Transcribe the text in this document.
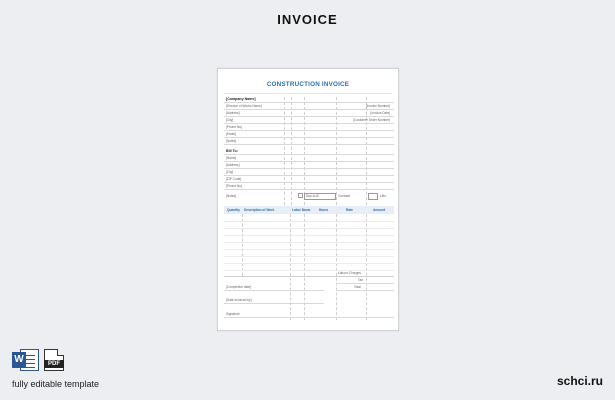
INVOICE
CONSTRUCTION INVOICE
[Company Name]
[Director of Works Name]
[Address]
[City]
[Phone No]
[Email]
[Notes]
[Invoice Number]
[Invoice Date]
[Customer Order Number]
Bill To:
[Name]
[Address]
[City]
[ZIP Code]
[Phone No]
[Notes]	Day-to-B	Contract	Lifts
Quantity Description of Work	Labor Name	Hours	Rate	Amount
Labour Charges
Tax
Total
[Completion date]
[Date Invoiced by]
Signature
W	PDF
fully editable template	schci.ru
